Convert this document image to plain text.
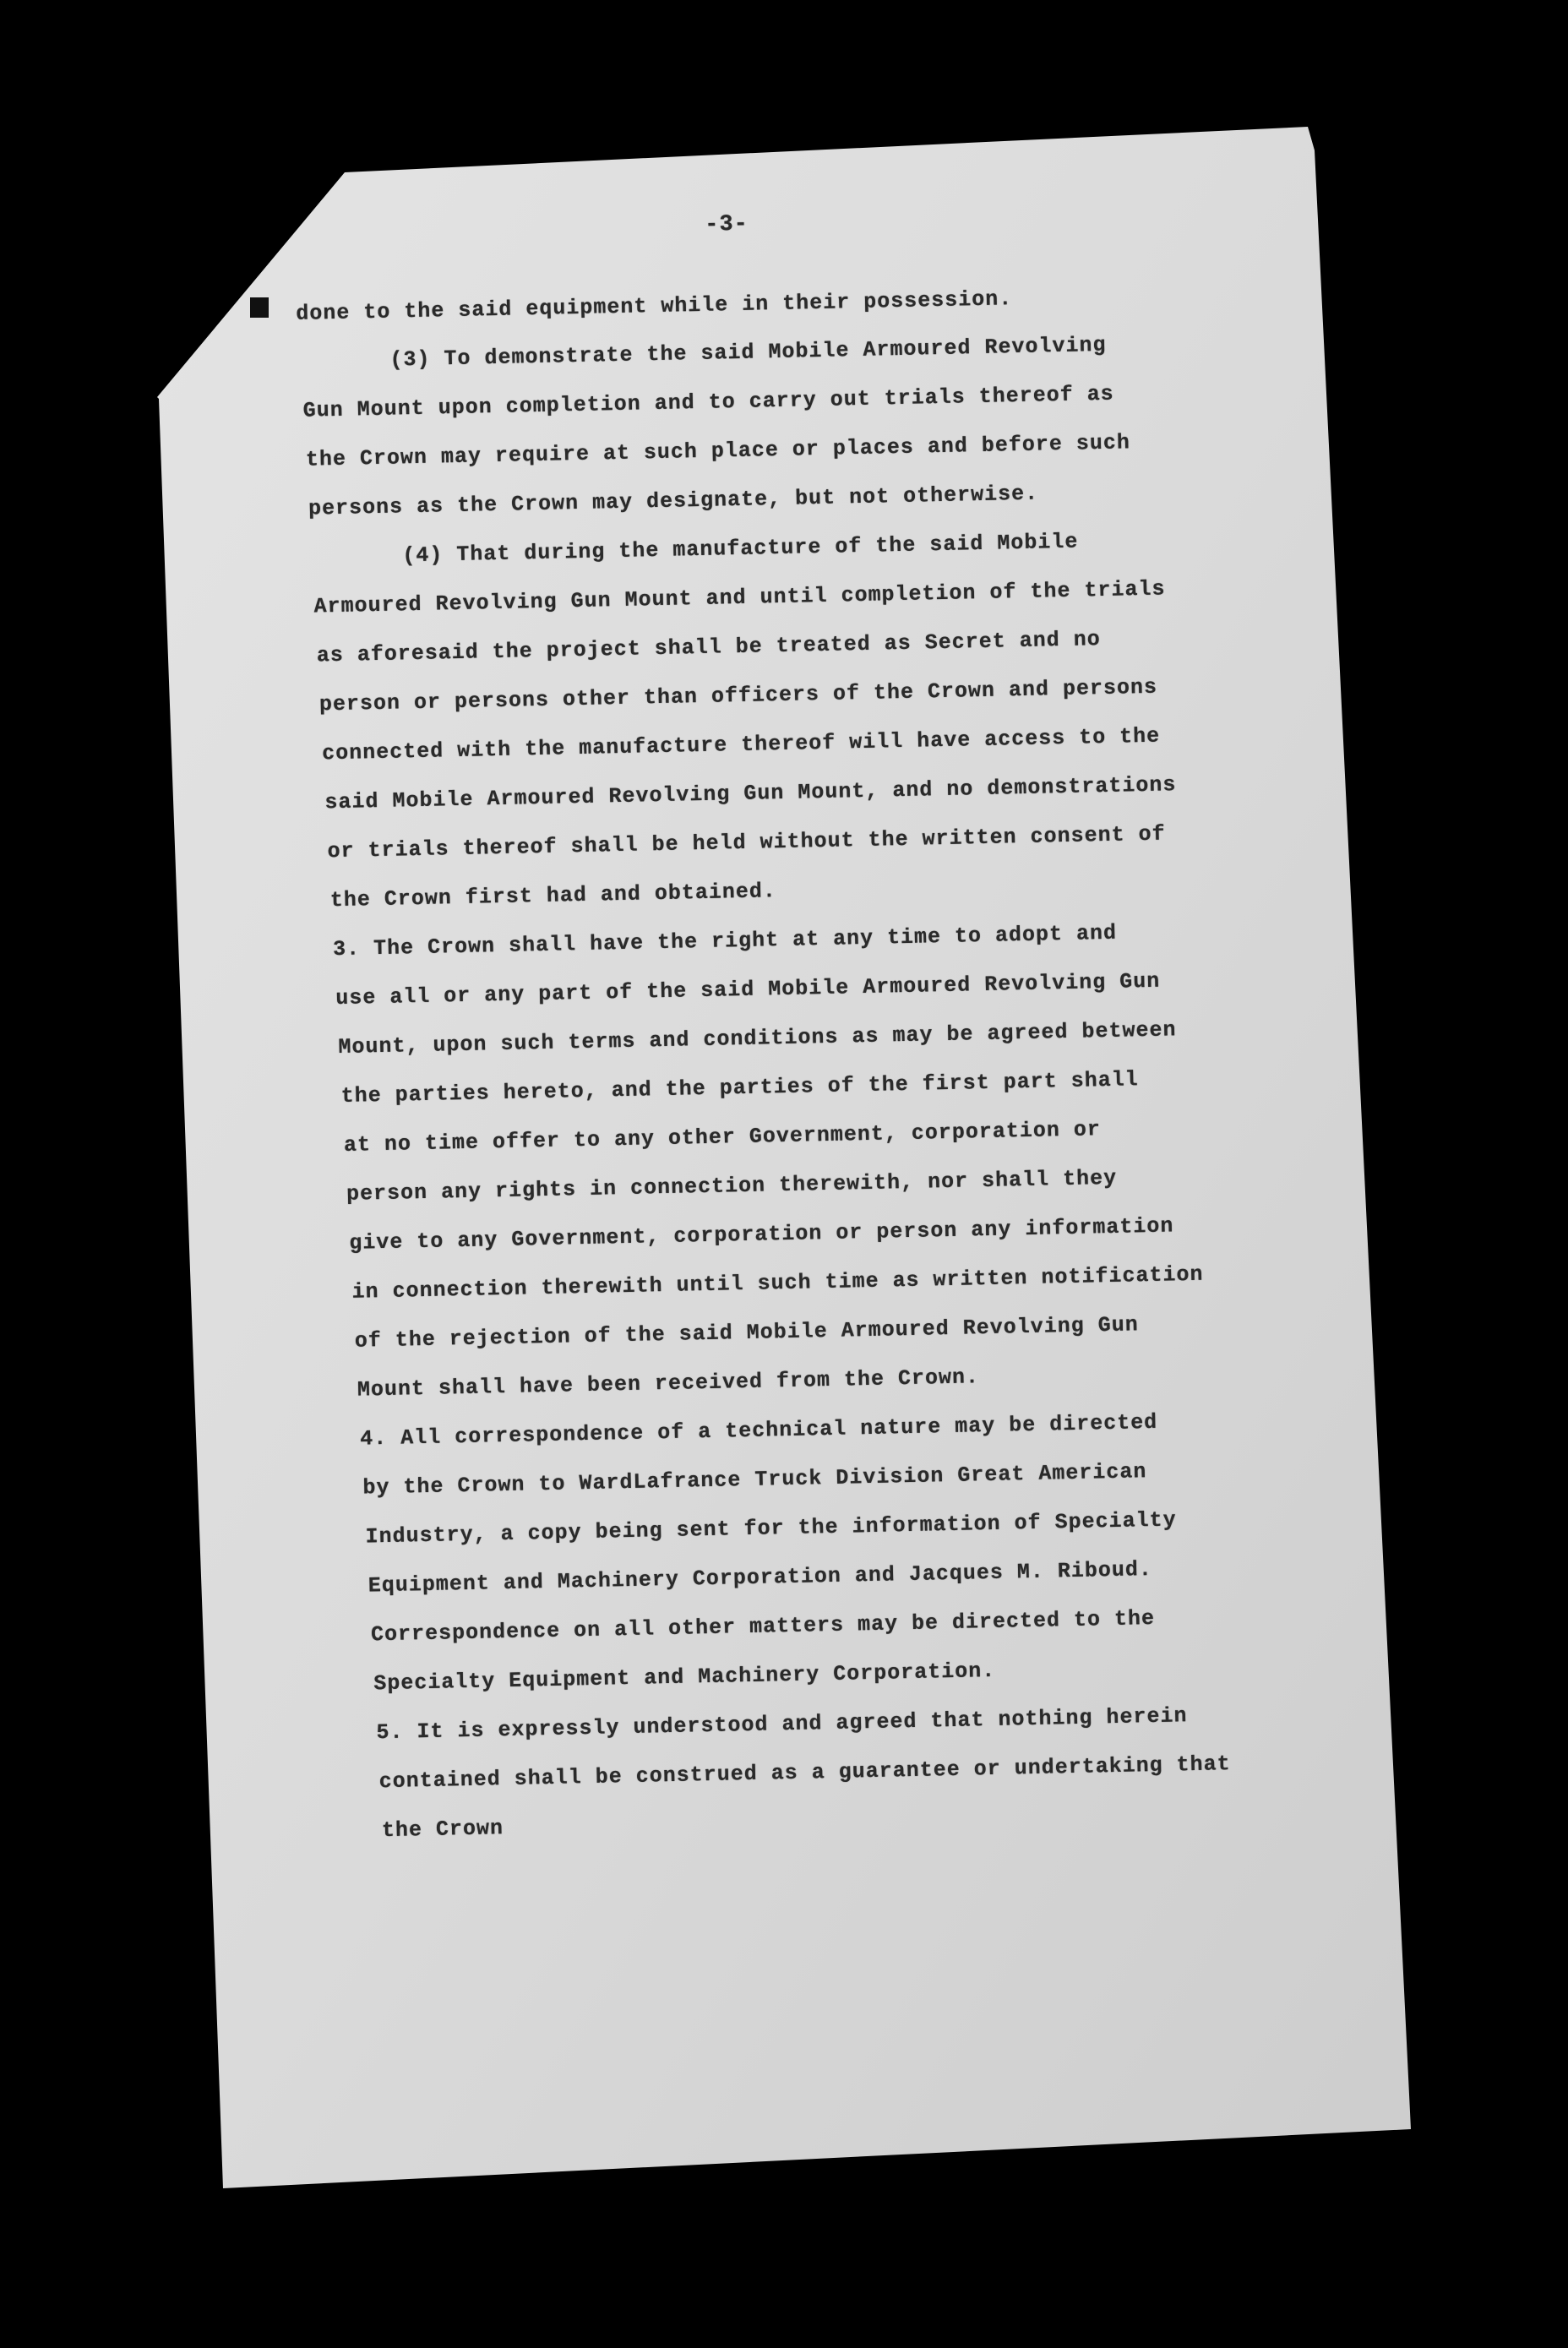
-3-
done to the said equipment while in their possession.
(3) To demonstrate the said Mobile Armoured Revolving
Gun Mount upon completion and to carry out trials thereof as
the Crown may require at such place or places and before such
persons as the Crown may designate, but not otherwise.
(4) That during the manufacture of the said Mobile
Armoured Revolving Gun Mount and until completion of the trials
as aforesaid the project shall be treated as Secret and no
person or persons other than officers of the Crown and persons
connected with the manufacture thereof will have access to the
said Mobile Armoured Revolving Gun Mount, and no demonstrations
or trials thereof shall be held without the written consent of
the Crown first had and obtained.
3. The Crown shall have the right at any time to adopt and
use all or any part of the said Mobile Armoured Revolving Gun
Mount, upon such terms and conditions as may be agreed between
the parties hereto, and the parties of the first part shall
at no time offer to any other Government, corporation or
person any rights in connection therewith, nor shall they
give to any Government, corporation or person any information
in connection therewith until such time as written notification
of the rejection of the said Mobile Armoured Revolving Gun
Mount shall have been received from the Crown.
4. All correspondence of a technical nature may be directed
by the Crown to WardLafrance Truck Division Great American
Industry, a copy being sent for the information of Specialty
Equipment and Machinery Corporation and Jacques M. Riboud.
Correspondence on all other matters may be directed to the
Specialty Equipment and Machinery Corporation.
5. It is expressly understood and agreed that nothing herein
contained shall be construed as a guarantee or undertaking that
the Crown
